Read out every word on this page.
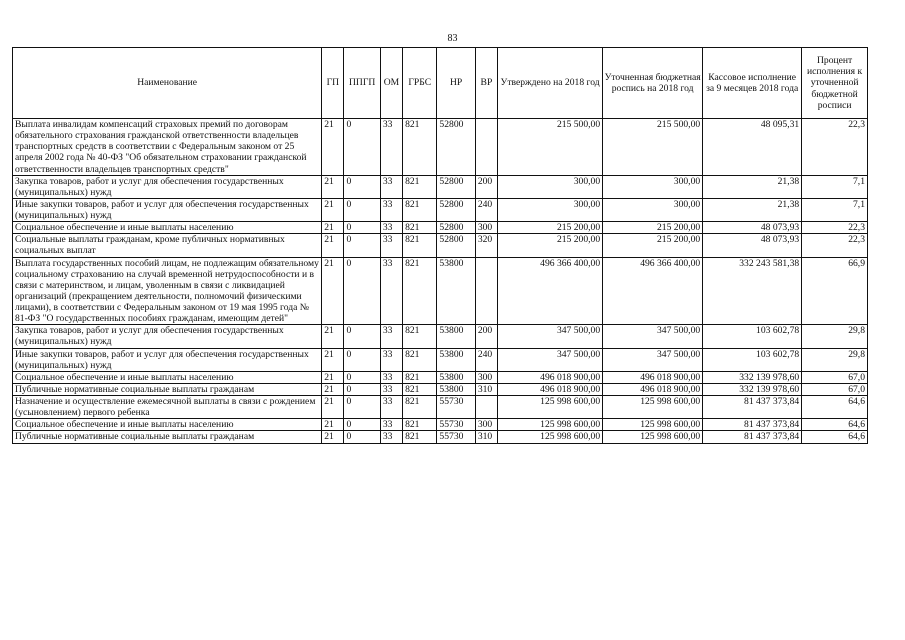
83
Наименование	ГП	ППГП	ОМ	ГРБС	НР	ВР	Утверждено на 2018 год	Уточненная бюджетная роспись на 2018 год	Кассовое исполнение за 9 месяцев 2018 года	Процент исполнения к уточненной бюджетной росписи
Выплата инвалидам компенсаций страховых премий по договорам обязательного страхования гражданской ответственности владельцев транспортных средств в соответствии с Федеральным законом от 25 апреля 2002 года № 40-ФЗ "Об обязательном страховании гражданской ответственности владельцев транспортных средств"	21	0	33	821	52800		215 500,00	215 500,00	48 095,31	22,3
Закупка товаров, работ и услуг для обеспечения государственных (муниципальных) нужд	21	0	33	821	52800	200	300,00	300,00	21,38	7,1
Иные закупки товаров, работ и услуг для обеспечения государственных (муниципальных) нужд	21	0	33	821	52800	240	300,00	300,00	21,38	7,1
Социальное обеспечение и иные выплаты населению	21	0	33	821	52800	300	215 200,00	215 200,00	48 073,93	22,3
Социальные выплаты гражданам, кроме публичных нормативных социальных выплат	21	0	33	821	52800	320	215 200,00	215 200,00	48 073,93	22,3
Выплата государственных пособий лицам, не подлежащим обязательному социальному страхованию на случай временной нетрудоспособности и в связи с материнством, и лицам, уволенным в связи с ликвидацией организаций (прекращением деятельности, полномочий физическими лицами), в соответствии с Федеральным законом от 19 мая 1995 года № 81-ФЗ "О государственных пособиях гражданам, имеющим детей"	21	0	33	821	53800		496 366 400,00	496 366 400,00	332 243 581,38	66,9
Закупка товаров, работ и услуг для обеспечения государственных (муниципальных) нужд	21	0	33	821	53800	200	347 500,00	347 500,00	103 602,78	29,8
Иные закупки товаров, работ и услуг для обеспечения государственных (муниципальных) нужд	21	0	33	821	53800	240	347 500,00	347 500,00	103 602,78	29,8
Социальное обеспечение и иные выплаты населению	21	0	33	821	53800	300	496 018 900,00	496 018 900,00	332 139 978,60	67,0
Публичные нормативные социальные выплаты гражданам	21	0	33	821	53800	310	496 018 900,00	496 018 900,00	332 139 978,60	67,0
Назначение и осуществление ежемесячной выплаты в связи с рождением (усыновлением) первого ребенка	21	0	33	821	55730		125 998 600,00	125 998 600,00	81 437 373,84	64,6
Социальное обеспечение и иные выплаты населению	21	0	33	821	55730	300	125 998 600,00	125 998 600,00	81 437 373,84	64,6
Публичные нормативные социальные выплаты гражданам	21	0	33	821	55730	310	125 998 600,00	125 998 600,00	81 437 373,84	64,6
